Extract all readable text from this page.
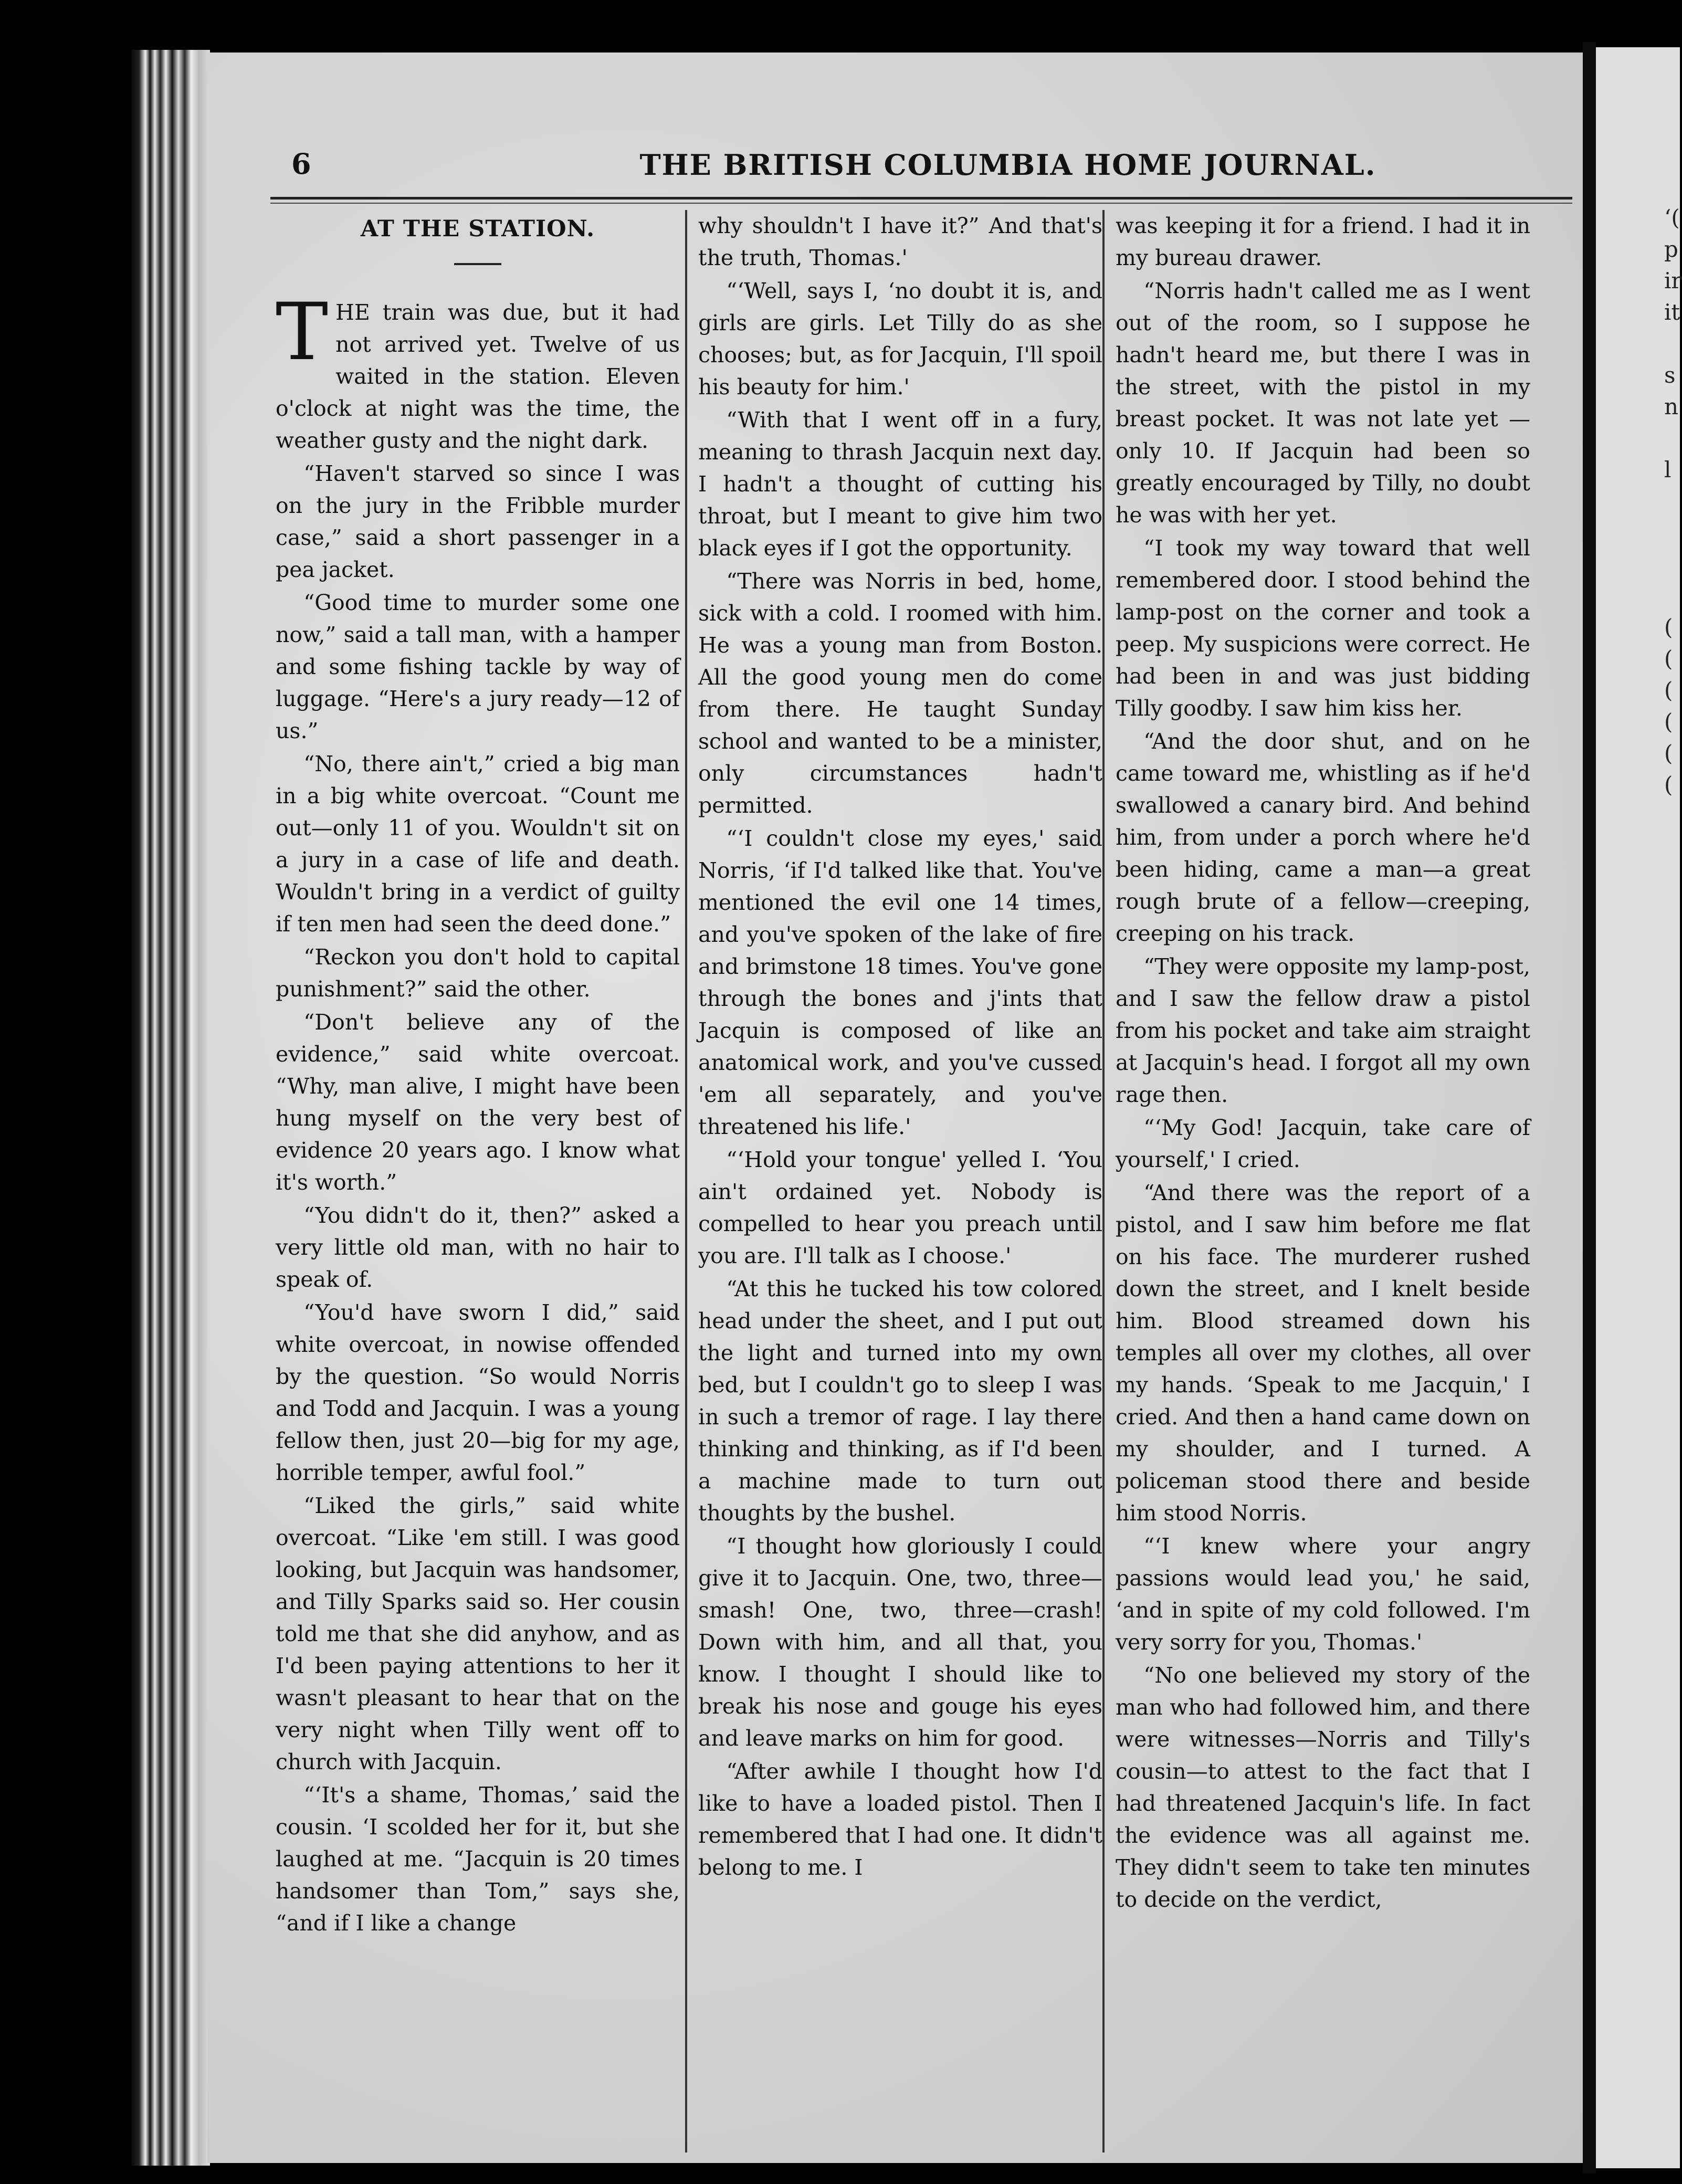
‘(
p
ir
it
s
n
l
(
(
(
(
(
(
6	THE BRITISH COLUMBIA HOME JOURNAL.
AT THE STATION.

THE train was due, but it had not arrived yet. Twelve of us waited in the station. Eleven o'clock at night was the time, the weather gusty and the night dark.

“Haven't starved so since I was on the jury in the Fribble murder case,” said a short passenger in a pea jacket.

“Good time to murder some one now,” said a tall man, with a hamper and some fishing tackle by way of luggage. “Here's a jury ready—12 of us.”

“No, there ain't,” cried a big man in a big white overcoat. “Count me out—only 11 of you. Wouldn't sit on a jury in a case of life and death. Wouldn't bring in a verdict of guilty if ten men had seen the deed done.”

“Reckon you don't hold to capital punishment?” said the other.

“Don't believe any of the evidence,” said white overcoat. “Why, man alive, I might have been hung myself on the very best of evidence 20 years ago. I know what it's worth.”

“You didn't do it, then?” asked a very little old man, with no hair to speak of.

“You'd have sworn I did,” said white overcoat, in nowise offended by the question. “So would Norris and Todd and Jacquin. I was a young fellow then, just 20—big for my age, horrible temper, awful fool.”

“Liked the girls,” said white overcoat. “Like 'em still. I was good looking, but Jacquin was handsomer, and Tilly Sparks said so. Her cousin told me that she did anyhow, and as I'd been paying attentions to her it wasn't pleasant to hear that on the very night when Tilly went off to church with Jacquin.

“‘It's a shame, Thomas,’ said the cousin. ‘I scolded her for it, but she laughed at me. “Jacquin is 20 times handsomer than Tom,” says she, “and if I like a change

why shouldn't I have it?” And that's the truth, Thomas.'

“‘Well, says I, ‘no doubt it is, and girls are girls. Let Tilly do as she chooses; but, as for Jacquin, I'll spoil his beauty for him.'

“With that I went off in a fury, meaning to thrash Jacquin next day. I hadn't a thought of cutting his throat, but I meant to give him two black eyes if I got the opportunity.

“There was Norris in bed, home, sick with a cold. I roomed with him. He was a young man from Boston. All the good young men do come from there. He taught Sunday school and wanted to be a minister, only circumstances hadn't permitted.

“‘I couldn't close my eyes,' said Norris, ‘if I'd talked like that. You've mentioned the evil one 14 times, and you've spoken of the lake of fire and brimstone 18 times. You've gone through the bones and j'ints that Jacquin is composed of like an anatomical work, and you've cussed 'em all separately, and you've threatened his life.'

“‘Hold your tongue' yelled I. ‘You ain't ordained yet. Nobody is compelled to hear you preach until you are. I'll talk as I choose.'

“At this he tucked his tow colored head under the sheet, and I put out the light and turned into my own bed, but I couldn't go to sleep I was in such a tremor of rage. I lay there thinking and thinking, as if I'd been a machine made to turn out thoughts by the bushel.

“I thought how gloriously I could give it to Jacquin. One, two, three—smash! One, two, three—crash! Down with him, and all that, you know. I thought I should like to break his nose and gouge his eyes and leave marks on him for good.

“After awhile I thought how I'd like to have a loaded pistol. Then I remembered that I had one. It didn't belong to me. I

was keeping it for a friend. I had it in my bureau drawer.

“Norris hadn't called me as I went out of the room, so I suppose he hadn't heard me, but there I was in the street, with the pistol in my breast pocket. It was not late yet —only 10. If Jacquin had been so greatly encouraged by Tilly, no doubt he was with her yet.

“I took my way toward that well remembered door. I stood behind the lamp-post on the corner and took a peep. My suspicions were correct. He had been in and was just bidding Tilly goodby. I saw him kiss her.

“And the door shut, and on he came toward me, whistling as if he'd swallowed a canary bird. And behind him, from under a porch where he'd been hiding, came a man—a great rough brute of a fellow—creeping, creeping on his track.

“They were opposite my lamp-post, and I saw the fellow draw a pistol from his pocket and take aim straight at Jacquin's head. I forgot all my own rage then.

“‘My God! Jacquin, take care of yourself,' I cried.

“And there was the report of a pistol, and I saw him before me flat on his face. The murderer rushed down the street, and I knelt beside him. Blood streamed down his temples all over my clothes, all over my hands. ‘Speak to me Jacquin,' I cried. And then a hand came down on my shoulder, and I turned. A policeman stood there and beside him stood Norris.

“‘I knew where your angry passions would lead you,' he said, ‘and in spite of my cold followed. I'm very sorry for you, Thomas.'

“No one believed my story of the man who had followed him, and there were witnesses—Norris and Tilly's cousin—to attest to the fact that I had threatened Jacquin's life. In fact the evidence was all against me. They didn't seem to take ten minutes to decide on the verdict,
